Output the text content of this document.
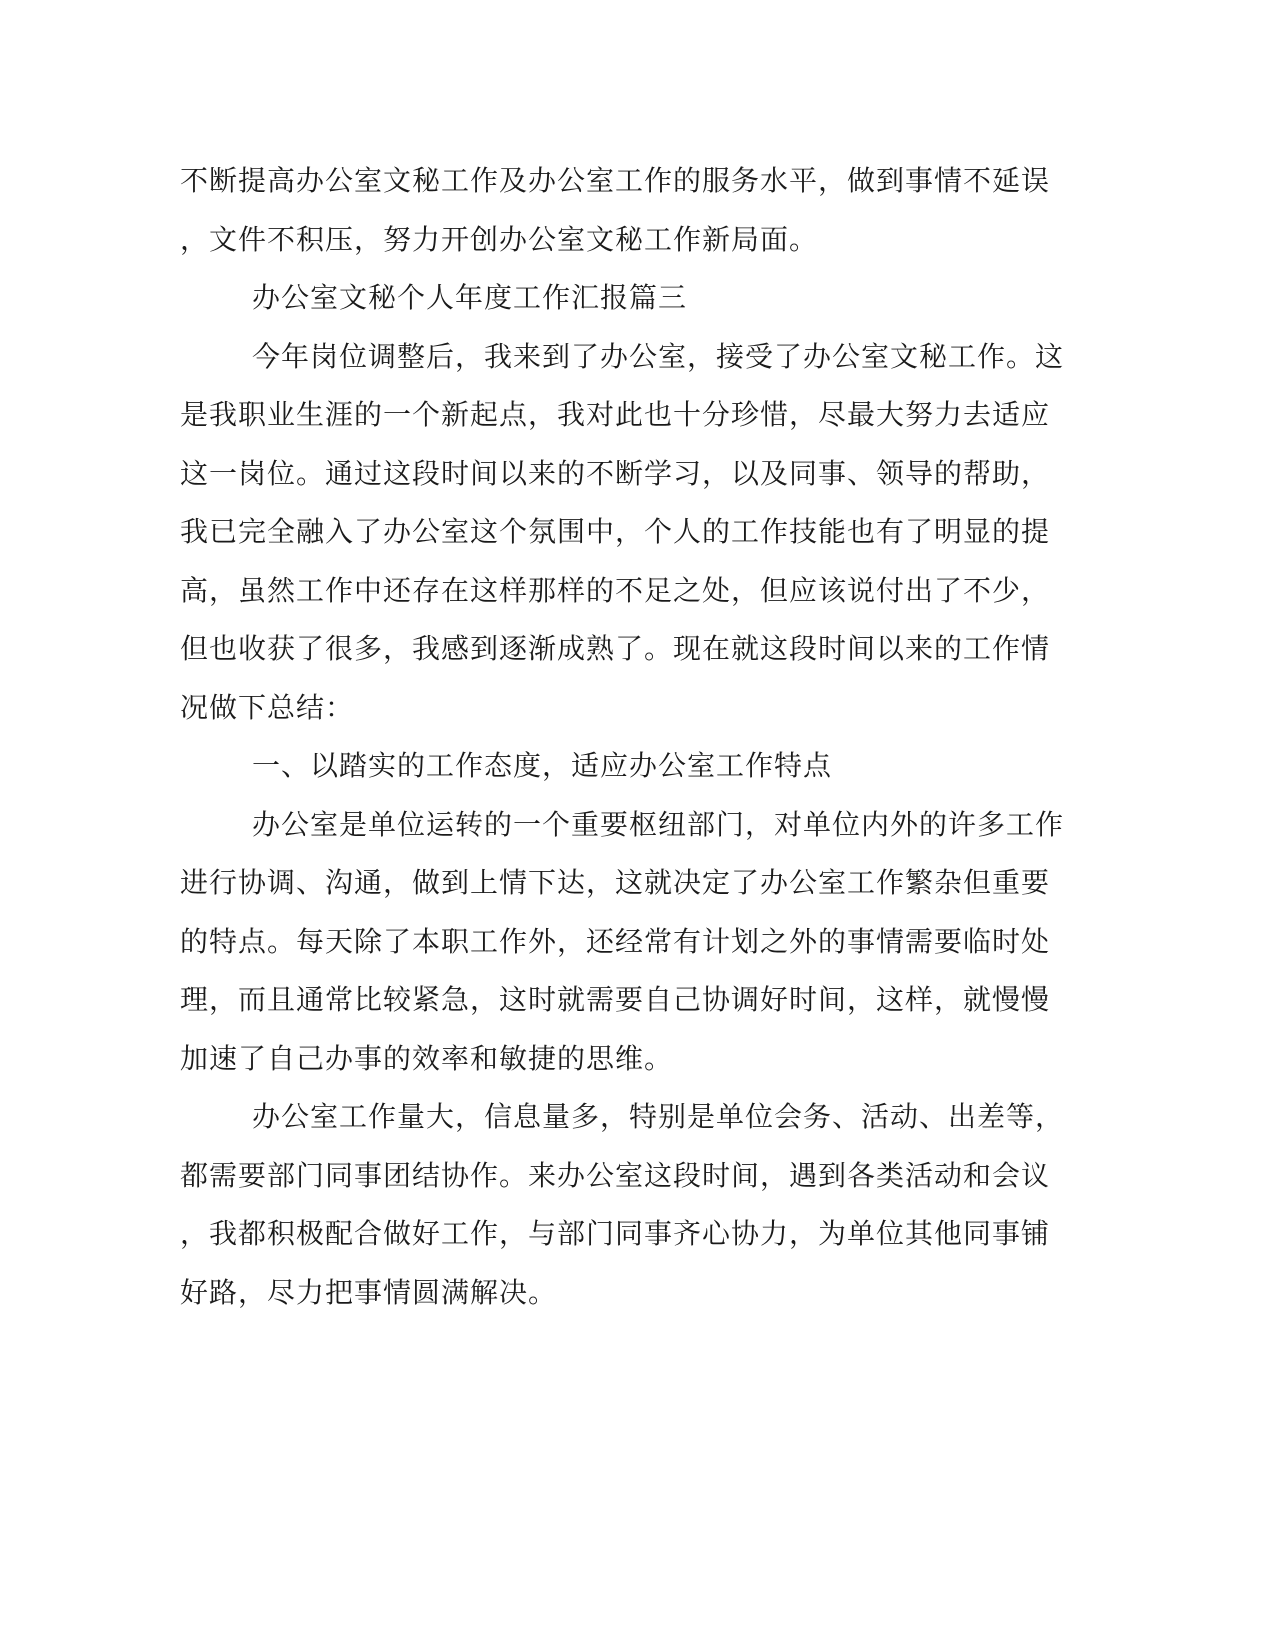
不断提高办公室文秘工作及办公室工作的服务水平，做到事情不延误
，文件不积压，努力开创办公室文秘工作新局面。
办公室文秘个人年度工作汇报篇三
今年岗位调整后，我来到了办公室，接受了办公室文秘工作。这
是我职业生涯的一个新起点，我对此也十分珍惜，尽最大努力去适应
这一岗位。通过这段时间以来的不断学习，以及同事、领导的帮助，
我已完全融入了办公室这个氛围中，个人的工作技能也有了明显的提
高，虽然工作中还存在这样那样的不足之处，但应该说付出了不少，
但也收获了很多，我感到逐渐成熟了。现在就这段时间以来的工作情
况做下总结：
一、以踏实的工作态度，适应办公室工作特点
办公室是单位运转的一个重要枢纽部门，对单位内外的许多工作
进行协调、沟通，做到上情下达，这就决定了办公室工作繁杂但重要
的特点。每天除了本职工作外，还经常有计划之外的事情需要临时处
理，而且通常比较紧急，这时就需要自己协调好时间，这样，就慢慢
加速了自己办事的效率和敏捷的思维。
办公室工作量大，信息量多，特别是单位会务、活动、出差等，
都需要部门同事团结协作。来办公室这段时间，遇到各类活动和会议
，我都积极配合做好工作，与部门同事齐心协力，为单位其他同事铺
好路，尽力把事情圆满解决。
